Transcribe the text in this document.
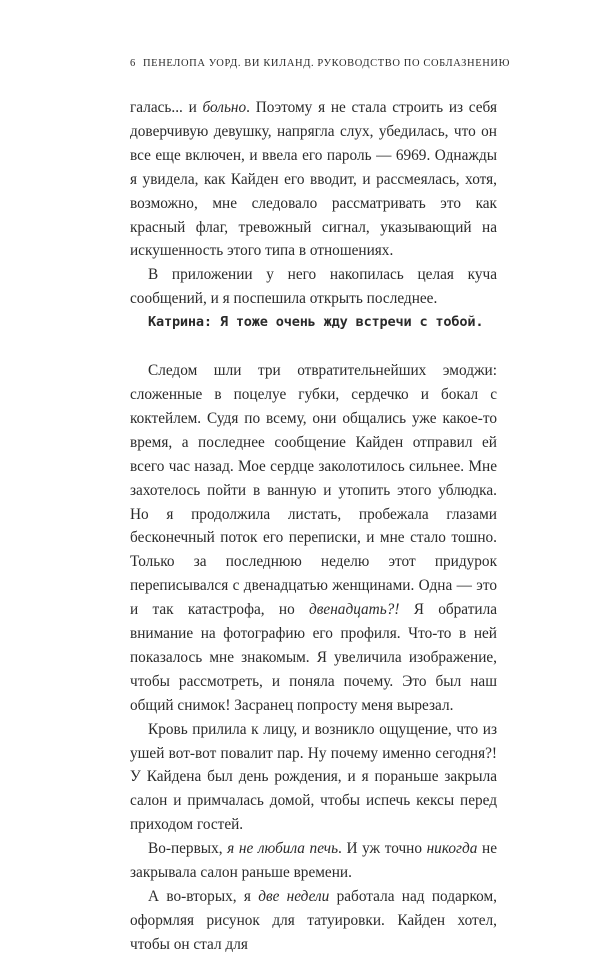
6 ПЕНЕЛОПА УОРД. ВИ КИЛАНД. РУКОВОДСТВО ПО СОБЛАЗНЕНИЮ

галась... и больно. Поэтому я не стала строить из себя доверчивую девушку, напрягла слух, убедилась, что он все еще включен, и ввела его пароль — 6969. Однажды я увидела, как Кайден его вводит, и рассмеялась, хотя, возможно, мне следовало рассматривать это как красный флаг, тревожный сигнал, указывающий на искушенность этого типа в отношениях.

В приложении у него накопилась целая куча сообщений, и я поспешила открыть последнее.

Катрина: Я тоже очень жду встречи с тобой.

Следом шли три отвратительнейших эмоджи: сложенные в поцелуе губки, сердечко и бокал с коктейлем. Судя по всему, они общались уже какое-то время, а последнее сообщение Кайден отправил ей всего час назад. Мое сердце заколотилось сильнее. Мне захотелось пойти в ванную и утопить этого ублюдка. Но я продолжила листать, пробежала глазами бесконечный поток его переписки, и мне стало тошно. Только за последнюю неделю этот придурок переписывался с двенадцатью женщинами. Одна — это и так катастрофа, но двенадцать?! Я обратила внимание на фотографию его профиля. Что-то в ней показалось мне знакомым. Я увеличила изображение, чтобы рассмотреть, и поняла почему. Это был наш общий снимок! Засранец попросту меня вырезал.

Кровь прилила к лицу, и возникло ощущение, что из ушей вот-вот повалит пар. Ну почему именно сегодня?! У Кайдена был день рождения, и я пораньше закрыла салон и примчалась домой, чтобы испечь кексы перед приходом гостей.

Во-первых, я не любила печь. И уж точно никогда не закрывала салон раньше времени.

А во-вторых, я две недели работала над подарком, оформляя рисунок для татуировки. Кайден хотел, чтобы он стал для
